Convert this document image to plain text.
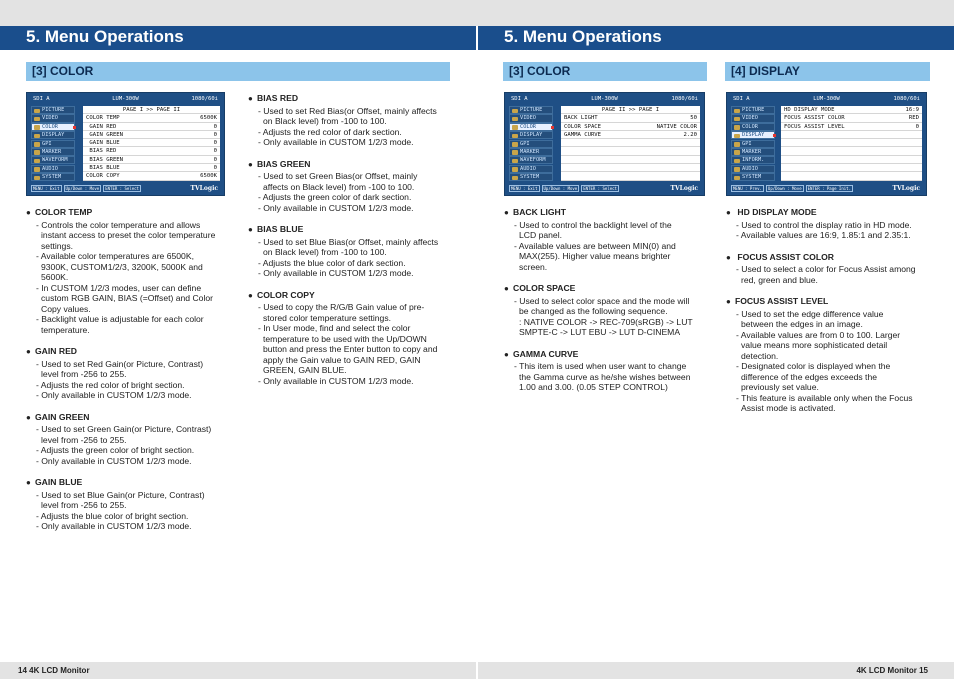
5. Menu Operations	5. Menu Operations
[3] COLOR	[3] COLOR	[4] DISPLAY
SDI A	LUM-300W	1080/60i
PICTURE
VIDEO
COLOR
DISPLAY
GPI
MARKER
WAVEFORM
AUDIO
SYSTEM
PAGE I >> PAGE II
COLOR TEMP	6500K
GAIN RED	0
GAIN GREEN	0
GAIN BLUE	0
BIAS RED	0
BIAS GREEN	0
BIAS BLUE	0
COLOR COPY	6500K
MENU : Exit Up/Down : Move ENTER : Select	TVLogic
SDI A	LUM-300W	1080/60i
PICTURE
VIDEO
COLOR
DISPLAY
GPI
MARKER
WAVEFORM
AUDIO
SYSTEM
PAGE II >> PAGE I
BACK LIGHT	50
COLOR SPACE	NATIVE COLOR
GAMMA CURVE	2.20
MENU : Exit Up/Down : Move ENTER : Select	TVLogic
SDI A	LUM-300W	1080/60i
PICTURE
VIDEO
COLOR
DISPLAY
GPI
MARKER
INFORM.
AUDIO
SYSTEM
HD DISPLAY MODE	16:9
FOCUS ASSIST COLOR	RED
FOCUS ASSIST LEVEL	0
MENU : Prev. Up/Down : Move ENTER : Page Init.	TVLogic
● COLOR TEMP
- Controls the color temperature and allows
instant access to preset the color temperature
settings.
- Available color temperatures are 6500K,
9300K, CUSTOM1/2/3, 3200K, 5000K and
5600K.
- In CUSTOM 1/2/3 modes, user can define
custom RGB GAIN, BIAS (=Offset) and Color
Copy values.
- Backlight value is adjustable for each color
temperature.
● GAIN RED
- Used to set Red Gain(or Picture, Contrast)
level from -256 to 255.
- Adjusts the red color of bright section.
- Only available in CUSTOM 1/2/3 mode.
● GAIN GREEN
- Used to set Green Gain(or Picture, Contrast)
level from -256 to 255.
- Adjusts the green color of bright section.
- Only available in CUSTOM 1/2/3 mode.
● GAIN BLUE
- Used to set Blue Gain(or Picture, Contrast)
level from -256 to 255.
- Adjusts the blue color of bright section.
- Only available in CUSTOM 1/2/3 mode.
● BIAS RED
- Used to set Red Bias(or Offset, mainly affects
on Black level) from -100 to 100.
- Adjusts the red color of dark section.
- Only available in CUSTOM 1/2/3 mode.
● BIAS GREEN
- Used to set Green Bias(or Offset, mainly
affects on Black level) from -100 to 100.
- Adjusts the green color of dark section.
- Only available in CUSTOM 1/2/3 mode.
● BIAS BLUE
- Used to set Blue Bias(or Offset, mainly affects
on Black level) from -100 to 100.
- Adjusts the blue color of dark section.
- Only available in CUSTOM 1/2/3 mode.
● COLOR COPY
- Used to copy the R/G/B Gain value of pre-
stored color temperature settings.
- In User mode, find and select the color
temperature to be used with the Up/DOWN
button and press the Enter button to copy and
apply the Gain value to GAIN RED, GAIN
GREEN, GAIN BLUE.
- Only available in CUSTOM 1/2/3 mode.
● BACK LIGHT
- Used to control the backlight level of the
LCD panel.
- Available values are between MIN(0) and
MAX(255). Higher value means brighter
screen.
● COLOR SPACE
- Used to select color space and the mode will
be changed as the following sequence.
: NATIVE COLOR -> REC-709(sRGB) -> LUT
SMPTE-C -> LUT EBU -> LUT D-CINEMA
● GAMMA CURVE
- This item is used when user want to change
the Gamma curve as he/she wishes between
1.00 and 3.00. (0.05 STEP CONTROL)
●  HD DISPLAY MODE
- Used to control the display ratio in HD mode.
- Available values are 16:9, 1.85:1 and 2.35:1.
●  FOCUS ASSIST COLOR
- Used to select a color for Focus Assist among
red, green and blue.
● FOCUS ASSIST LEVEL
- Used to set the edge difference value
between the edges in an image.
- Available values are from 0 to 100. Larger
value means more sophisticated detail
detection.
- Designated color is displayed when the
difference of the edges exceeds the
previously set value.
- This feature is available only when the Focus
Assist mode is activated.
14 4K LCD Monitor	4K LCD Monitor 15
